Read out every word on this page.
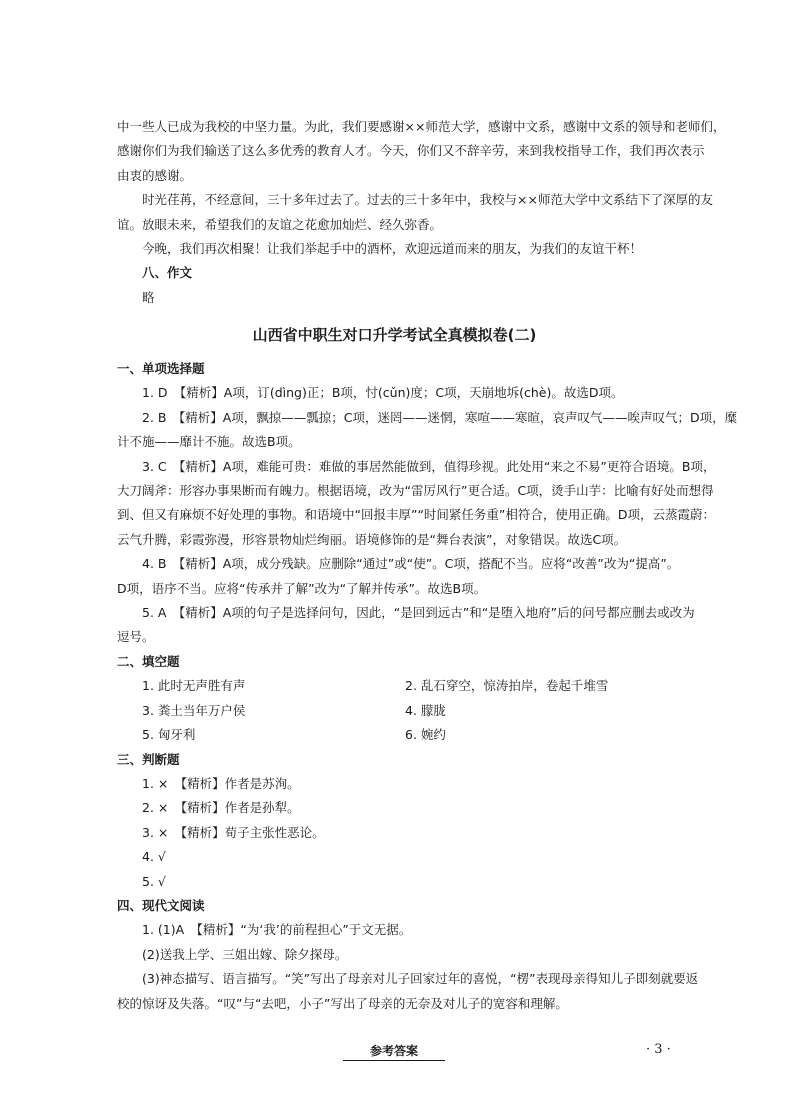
中一些人已成为我校的中坚力量。为此，我们要感谢××师范大学，感谢中文系，感谢中文系的领导和老师们，

感谢你们为我们输送了这么多优秀的教育人才。今天，你们又不辞辛劳，来到我校指导工作，我们再次表示

由衷的感谢。

时光荏苒，不经意间，三十多年过去了。过去的三十多年中，我校与××师范大学中文系结下了深厚的友

谊。放眼未来，希望我们的友谊之花愈加灿烂、经久弥香。

今晚，我们再次相聚！让我们举起手中的酒杯，欢迎远道而来的朋友，为我们的友谊干杯！

八、作文

略

山西省中职生对口升学考试全真模拟卷(二)

一、单项选择题

1. D　【精析】A项，订(dìng)正；B项，忖(cǔn)度；C项，天崩地坼(chè)。故选D项。

2. B　【精析】A项，飘掠——瓢掠；C项，迷罔——迷惘，寒喧——寒暄，哀声叹气——唉声叹气；D项，糜

计不施——靡计不施。故选B项。

3. C　【精析】A项，难能可贵：难做的事居然能做到，值得珍视。此处用“来之不易”更符合语境。B项，

大刀阔斧：形容办事果断而有魄力。根据语境，改为“雷厉风行”更合适。C项，烫手山芋：比喻有好处而想得

到、但又有麻烦不好处理的事物。和语境中“回报丰厚”“时间紧任务重”相符合，使用正确。D项，云蒸霞蔚：

云气升腾，彩霞弥漫，形容景物灿烂绚丽。语境修饰的是“舞台表演”，对象错误。故选C项。

4. B　【精析】A项，成分残缺。应删除“通过”或“使”。C项，搭配不当。应将“改善”改为“提高”。

D项，语序不当。应将“传承并了解”改为“了解并传承”。故选B项。

5. A　【精析】A项的句子是选择问句，因此，“是回到远古”和“是堕入地府”后的问号都应删去或改为

逗号。

二、填空题

1. 此时无声胜有声	2. 乱石穿空，惊涛拍岸，卷起千堆雪
3. 粪土当年万户侯	4. 朦胧
5. 匈牙利	6. 婉约

三、判断题

1. ×　【精析】作者是苏洵。

2. ×　【精析】作者是孙犁。

3. ×　【精析】荀子主张性恶论。

4. √

5. √

四、现代文阅读

1. (1)A　【精析】“为‘我’的前程担心”于文无据。

(2)送我上学、三姐出嫁、除夕探母。

(3)神态描写、语言描写。“笑”写出了母亲对儿子回家过年的喜悦，“楞”表现母亲得知儿子即刻就要返

校的惊讶及失落。“叹”与“去吧，小子”写出了母亲的无奈及对儿子的宽容和理解。

参考答案	· 3 ·
